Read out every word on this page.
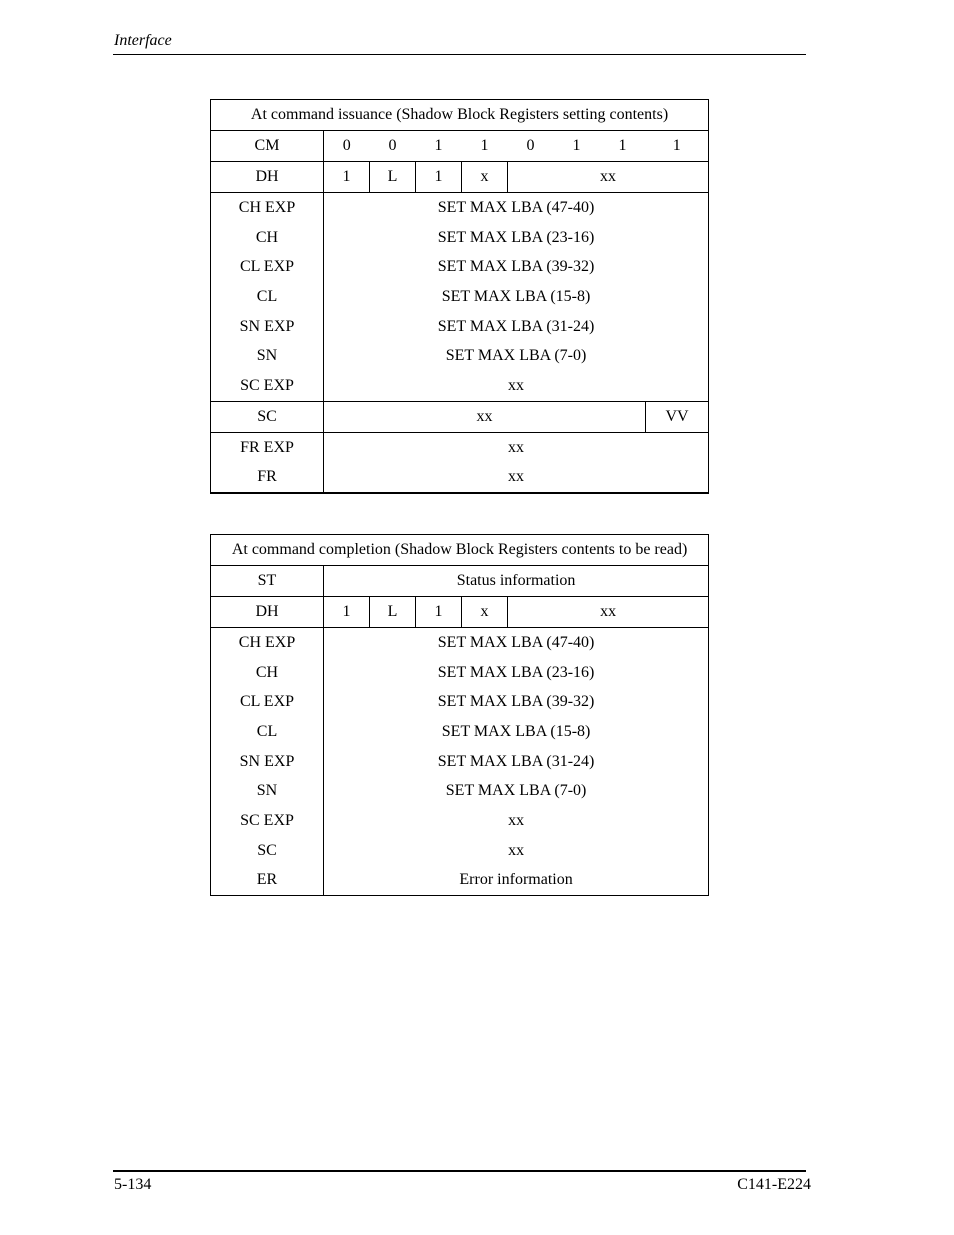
Interface
At command issuance (Shadow Block Registers setting contents)								
CM	0	0	1	1	0	1	1	1
DH	1	L	1	x	xx			
CH EXP	SET MAX LBA (47-40)							
CH	SET MAX LBA (23-16)							
CL EXP	SET MAX LBA (39-32)							
CL	SET MAX LBA (15-8)							
SN EXP	SET MAX LBA (31-24)							
SN	SET MAX LBA (7-0)							
SC EXP	xx							
SC	xx							VV
FR EXP	xx							
FR	xx							
At command completion (Shadow Block Registers contents to be read)					
ST	Status information				
DH	1	L	1	x	xx
CH EXP	SET MAX LBA (47-40)				
CH	SET MAX LBA (23-16)				
CL EXP	SET MAX LBA (39-32)				
CL	SET MAX LBA (15-8)				
SN EXP	SET MAX LBA (31-24)				
SN	SET MAX LBA (7-0)				
SC EXP	xx				
SC	xx				
ER	Error information				
5-134	C141-E224
